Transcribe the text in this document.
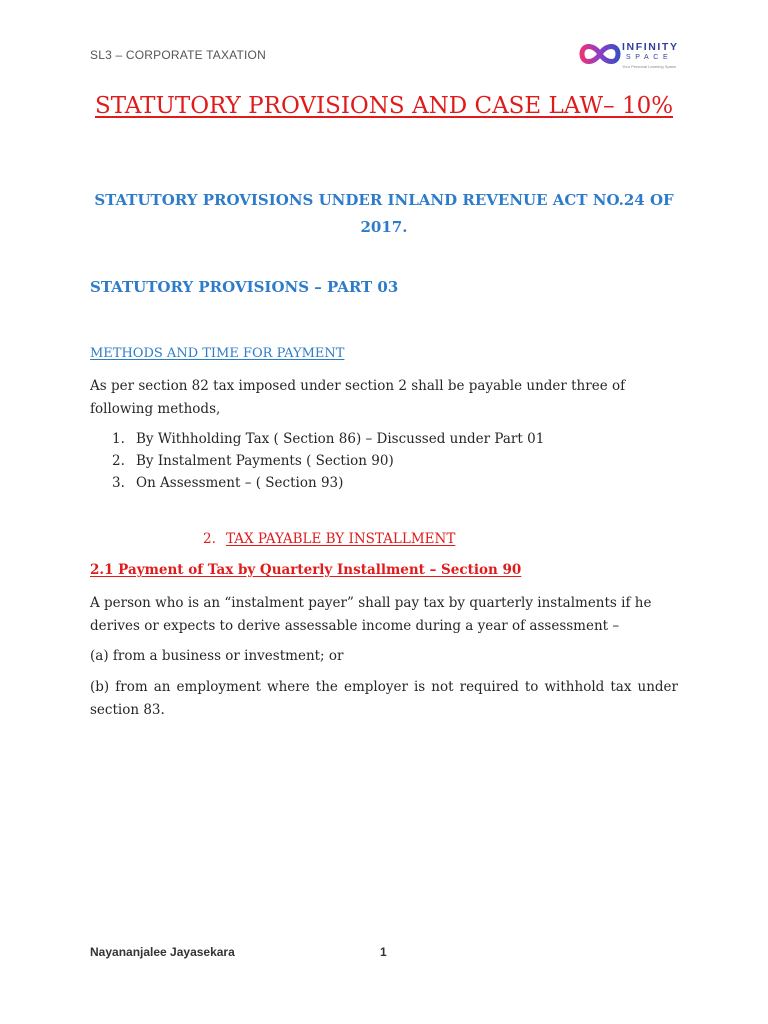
SL3 – CORPORATE TAXATION
INFINITY
SPACE
Your Personal Learning Space
STATUTORY PROVISIONS AND CASE LAW– 10%
STATUTORY PROVISIONS UNDER INLAND REVENUE ACT NO.24 OF 2017.
STATUTORY PROVISIONS – PART 03
METHODS AND TIME FOR PAYMENT
As per section 82 tax imposed under section 2 shall be payable under three of following methods,
1. By Withholding Tax ( Section 86) – Discussed under Part 01
2. By Instalment Payments ( Section 90)
3. On Assessment – ( Section 93)
2. TAX PAYABLE BY INSTALLMENT
2.1 Payment of Tax by Quarterly Installment – Section 90
A person who is an “instalment payer” shall pay tax by quarterly instalments if he derives or expects to derive assessable income during a year of assessment –
(a) from a business or investment; or
(b) from an employment where the employer is not required to withhold tax under section 83.
Nayananjalee Jayasekara	1
